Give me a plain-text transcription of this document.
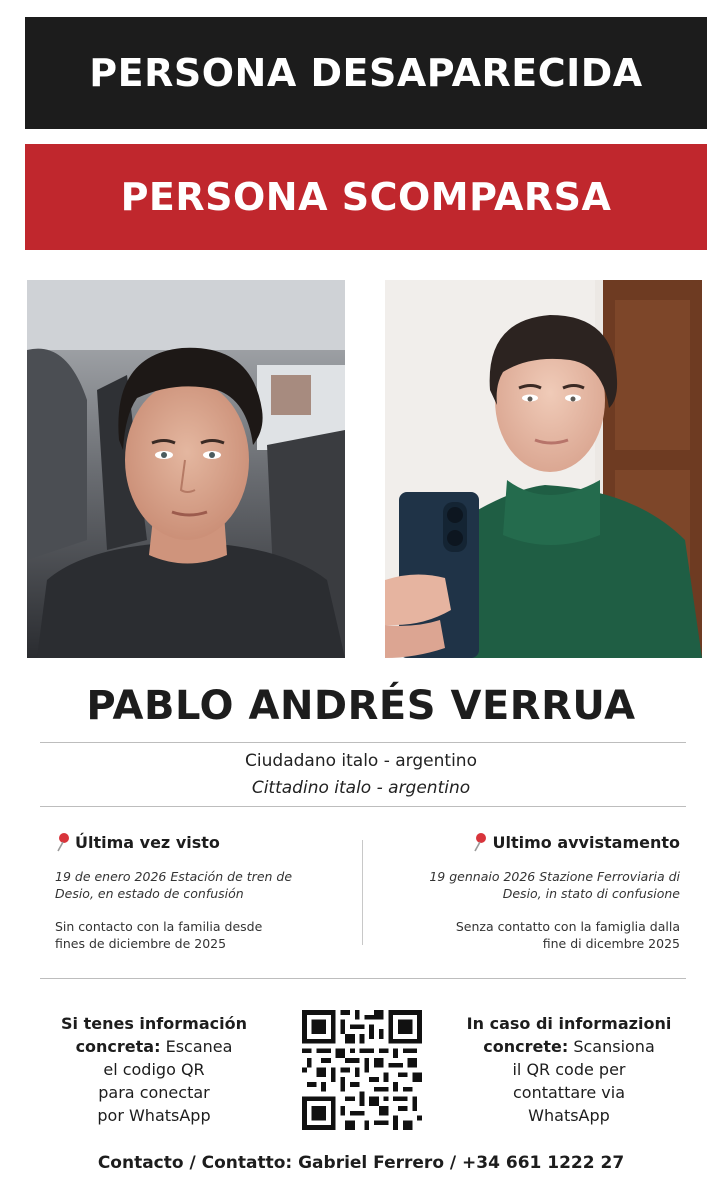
PERSONA DESAPARECIDA
PERSONA SCOMPARSA
PABLO ANDRÉS VERRUA
Ciudadano italo - argentino
Cittadino italo - argentino
Última vez visto
19 de enero 2026 Estación de tren de
Desio, en estado de confusión
Sin contacto con la familia desde
fines de diciembre de 2025
Ultimo avvistamento
19 gennaio 2026 Stazione Ferroviaria di
Desio, in stato di confusione
Senza contatto con la famiglia dalla
fine di dicembre 2025
Si tenes información
concreta: Escanea
el codigo QR
para conectar
por WhatsApp
In caso di informazioni
concrete: Scansiona
il QR code per
contattare via
WhatsApp
Contacto / Contatto: Gabriel Ferrero / +34 661 1222 27
